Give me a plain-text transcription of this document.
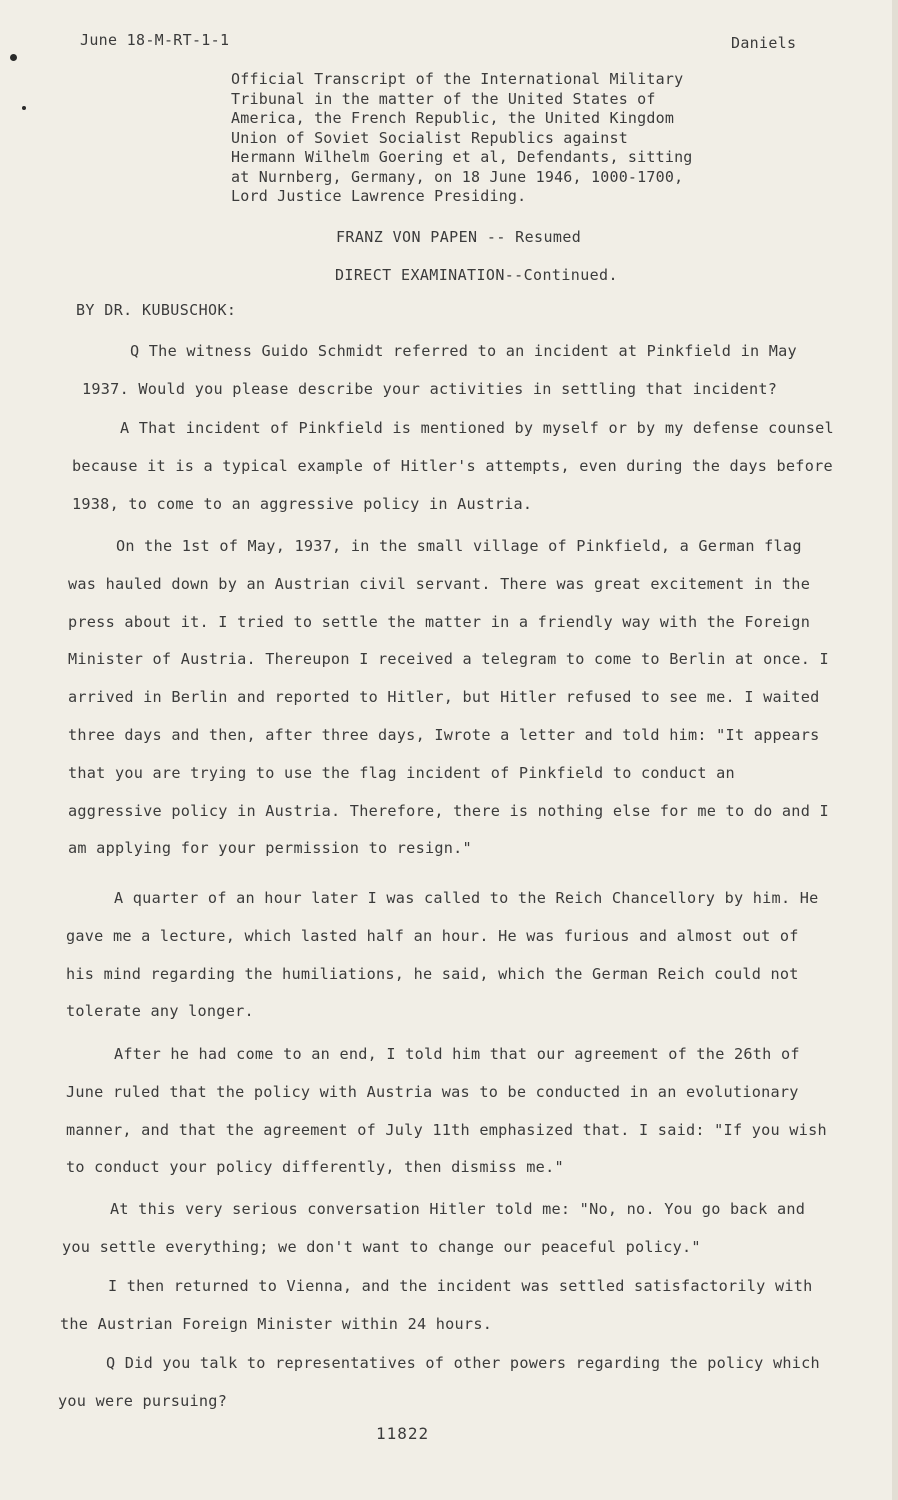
June 18-M-RT-1-1	Daniels
Official Transcript of the International Military
Tribunal in the matter of the United States of
America, the French Republic, the United Kingdom
Union of Soviet Socialist Republics against
Hermann Wilhelm Goering et al, Defendants, sitting
at Nurnberg, Germany, on 18 June 1946, 1000-1700,
Lord Justice Lawrence Presiding.
FRANZ VON PAPEN -- Resumed
DIRECT EXAMINATION--Continued.
BY DR. KUBUSCHOK:

Q The witness Guido Schmidt referred to an incident at Pinkfield in May 1937. Would you please describe your activities in settling that incident?

A That incident of Pinkfield is mentioned by myself or by my defense counsel because it is a typical example of Hitler's attempts, even during the days before 1938, to come to an aggressive policy in Austria.

On the 1st of May, 1937, in the small village of Pinkfield, a German flag was hauled down by an Austrian civil servant. There was great excitement in the press about it. I tried to settle the matter in a friendly way with the Foreign Minister of Austria. Thereupon I received a telegram to come to Berlin at once. I arrived in Berlin and reported to Hitler, but Hitler refused to see me. I waited three days and then, after three days, Iwrote a letter and told him: "It appears that you are trying to use the flag incident of Pinkfield to conduct an aggressive policy in Austria. Therefore, there is nothing else for me to do and I am applying for your permission to resign."

A quarter of an hour later I was called to the Reich Chancellory by him. He gave me a lecture, which lasted half an hour. He was furious and almost out of his mind regarding the humiliations, he said, which the German Reich could not tolerate any longer.

After he had come to an end, I told him that our agreement of the 26th of June ruled that the policy with Austria was to be conducted in an evolutionary manner, and that the agreement of July 11th emphasized that. I said: "If you wish to conduct your policy differently, then dismiss me."

At this very serious conversation Hitler told me: "No, no. You go back and you settle everything; we don't want to change our peaceful policy."

I then returned to Vienna, and the incident was settled satisfactorily with the Austrian Foreign Minister within 24 hours.

Q Did you talk to representatives of other powers regarding the policy which you were pursuing?

11822
